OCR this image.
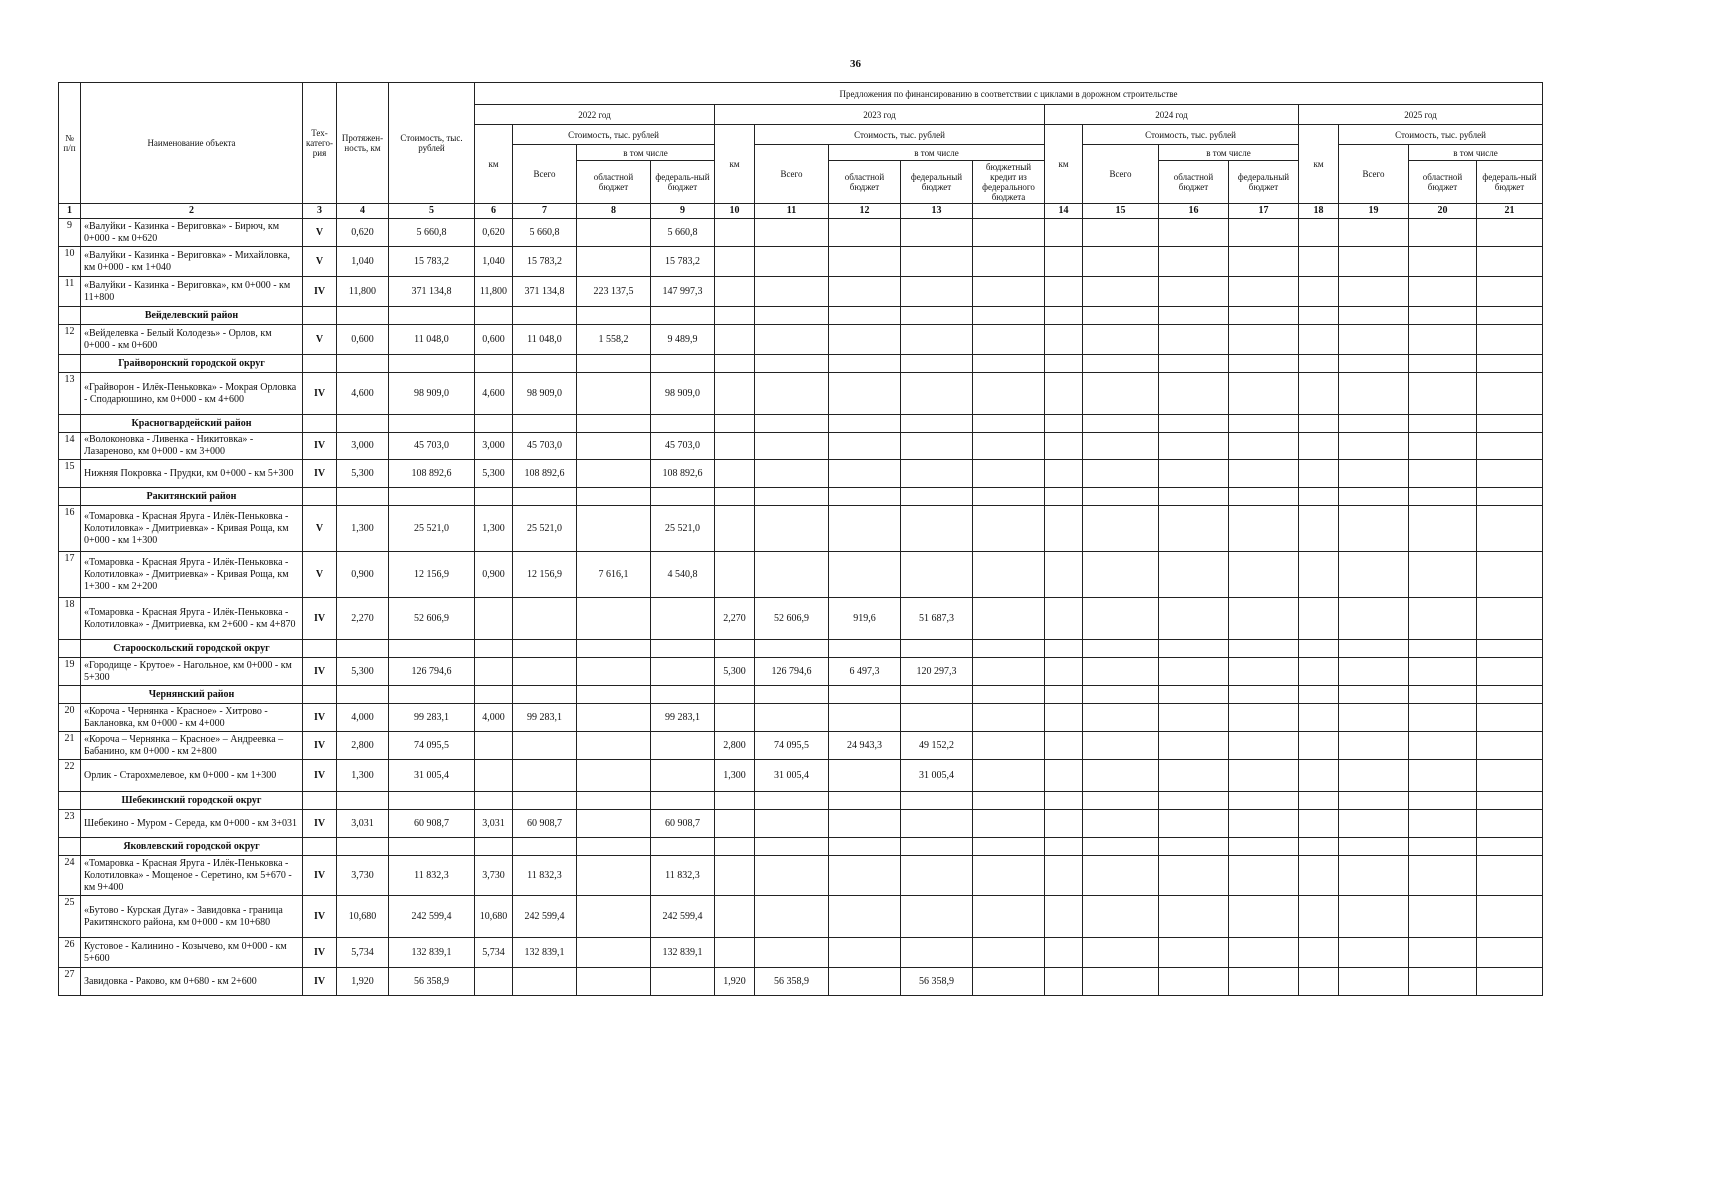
36
№ п/п	Наименование объекта	Тех-катего-рия	Протяжен-ность, км	Стоимость, тыс. рублей	Предложения по финансированию в соответствии с циклами в дорожном строительстве																
					2022 год				2023 год					2024 год				2025 год			
					км	Стоимость, тыс. рублей			км	Стоимость, тыс. рублей				км	Стоимость, тыс. рублей			км	Стоимость, тыс. рублей		
						Всего	в том числе			Всего	в том числе				Всего	в том числе			Всего	в том числе	
							областной бюджет	федераль-ный бюджет			областной бюджет	федеральный бюджет	бюджетный кредит из федерального бюджета			областной бюджет	федеральный бюджет			областной бюджет	федераль-ный бюджет
1	2	3	4	5	6	7	8	9	10	11	12	13		14	15	16	17	18	19	20	21
9	«Валуйки - Казинка - Вериговка» - Бирюч, км 0+000 - км 0+620	V	0,620	5 660,8	0,620	5 660,8		5 660,8													
10	«Валуйки - Казинка - Вериговка» - Михайловка, км 0+000 - км 1+040	V	1,040	15 783,2	1,040	15 783,2		15 783,2													
11	«Валуйки - Казинка - Вериговка», км 0+000 - км 11+800	IV	11,800	371 134,8	11,800	371 134,8	223 137,5	147 997,3													
	Вейделевский район																				
12	«Вейделевка - Белый Колодезь» - Орлов, км 0+000 - км 0+600	V	0,600	11 048,0	0,600	11 048,0	1 558,2	9 489,9													
	Грайворонский городской округ																				
13	«Грайворон - Илёк-Пеньковка» - Мокрая Орловка - Сподарюшино, км 0+000 - км 4+600	IV	4,600	98 909,0	4,600	98 909,0		98 909,0													
	Красногвардейский район																				
14	«Волоконовка - Ливенка - Никитовка» - Лазареново, км 0+000 - км 3+000	IV	3,000	45 703,0	3,000	45 703,0		45 703,0													
15	Нижняя Покровка - Прудки, км 0+000 - км 5+300	IV	5,300	108 892,6	5,300	108 892,6		108 892,6													
	Ракитянский район																				
16	«Томаровка - Красная Яруга - Илёк-Пеньковка - Колотиловка» - Дмитриевка» - Кривая Роща, км 0+000 - км 1+300	V	1,300	25 521,0	1,300	25 521,0		25 521,0													
17	«Томаровка - Красная Яруга - Илёк-Пеньковка - Колотиловка» - Дмитриевка» - Кривая Роща, км 1+300 - км 2+200	V	0,900	12 156,9	0,900	12 156,9	7 616,1	4 540,8													
18	«Томаровка - Красная Яруга - Илёк-Пеньковка - Колотиловка» - Дмитриевка, км 2+600 - км 4+870	IV	2,270	52 606,9					2,270	52 606,9	919,6	51 687,3									
	Старооскольский городской округ																				
19	«Городище - Крутое» - Нагольное, км 0+000 - км 5+300	IV	5,300	126 794,6					5,300	126 794,6	6 497,3	120 297,3									
	Чернянский район																				
20	«Короча - Чернянка - Красное» - Хитрово - Баклановка, км 0+000 - км 4+000	IV	4,000	99 283,1	4,000	99 283,1		99 283,1													
21	«Короча – Чернянка – Красное» – Андреевка – Бабанино, км 0+000 - км 2+800	IV	2,800	74 095,5					2,800	74 095,5	24 943,3	49 152,2									
22	Орлик - Старохмелевое, км 0+000 - км 1+300	IV	1,300	31 005,4					1,300	31 005,4		31 005,4									
	Шебекинский городской округ																				
23	Шебекино - Муром - Середа, км 0+000 - км 3+031	IV	3,031	60 908,7	3,031	60 908,7		60 908,7													
	Яковлевский городской округ																				
24	«Томаровка - Красная Яруга - Илёк-Пеньковка - Колотиловка» - Мощеное - Серетино, км 5+670 - км 9+400	IV	3,730	11 832,3	3,730	11 832,3		11 832,3													
25	«Бутово - Курская Дуга» - Завидовка - граница Ракитянского района, км 0+000 - км 10+680	IV	10,680	242 599,4	10,680	242 599,4		242 599,4													
26	Кустовое - Калинино - Козычево, км 0+000 - км 5+600	IV	5,734	132 839,1	5,734	132 839,1		132 839,1													
27	Завидовка - Раково, км 0+680 - км 2+600	IV	1,920	56 358,9					1,920	56 358,9		56 358,9									
